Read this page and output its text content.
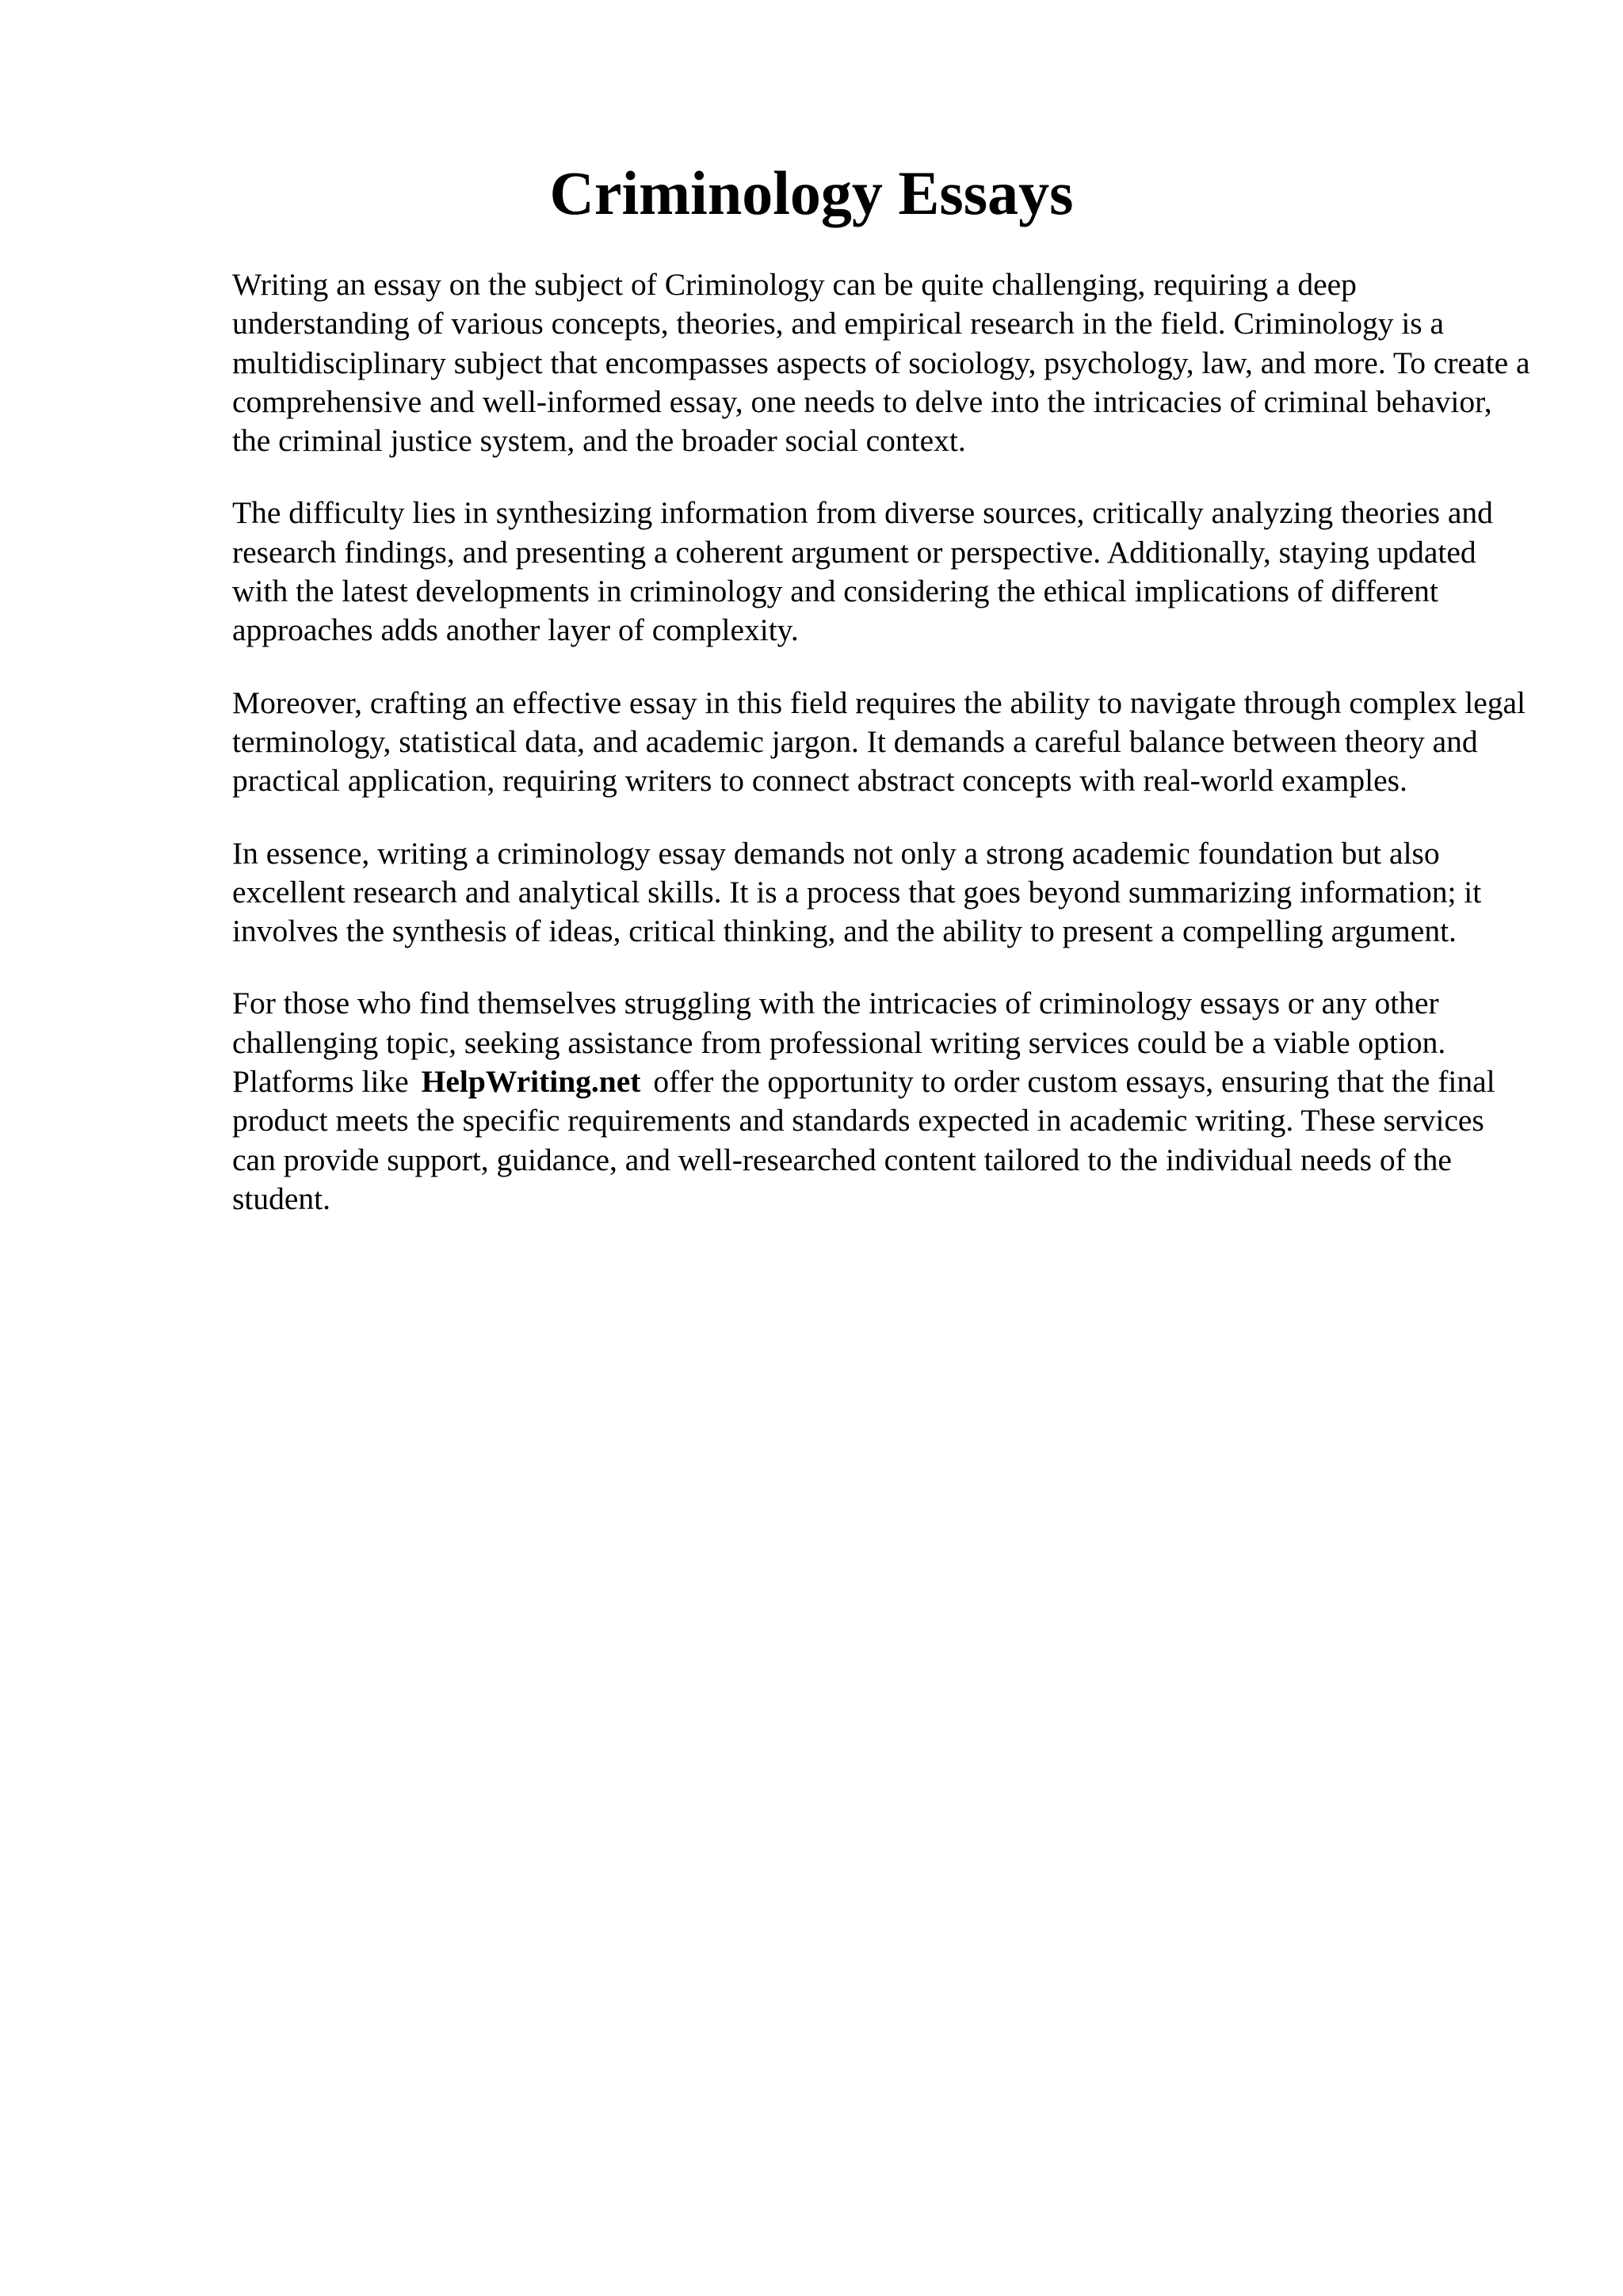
Criminology Essays

Writing an essay on the subject of Criminology can be quite challenging, requiring a deep understanding of various concepts, theories, and empirical research in the field. Criminology is a multidisciplinary subject that encompasses aspects of sociology, psychology, law, and more. To create a comprehensive and well-informed essay, one needs to delve into the intricacies of criminal behavior, the criminal justice system, and the broader social context.

The difficulty lies in synthesizing information from diverse sources, critically analyzing theories and research findings, and presenting a coherent argument or perspective. Additionally, staying updated with the latest developments in criminology and considering the ethical implications of different approaches adds another layer of complexity.

Moreover, crafting an effective essay in this field requires the ability to navigate through complex legal terminology, statistical data, and academic jargon. It demands a careful balance between theory and practical application, requiring writers to connect abstract concepts with real-world examples.

In essence, writing a criminology essay demands not only a strong academic foundation but also excellent research and analytical skills. It is a process that goes beyond summarizing information; it involves the synthesis of ideas, critical thinking, and the ability to present a compelling argument.

For those who find themselves struggling with the intricacies of criminology essays or any other challenging topic, seeking assistance from professional writing services could be a viable option. Platforms like HelpWriting.net offer the opportunity to order custom essays, ensuring that the final product meets the specific requirements and standards expected in academic writing. These services can provide support, guidance, and well-researched content tailored to the individual needs of the student.
